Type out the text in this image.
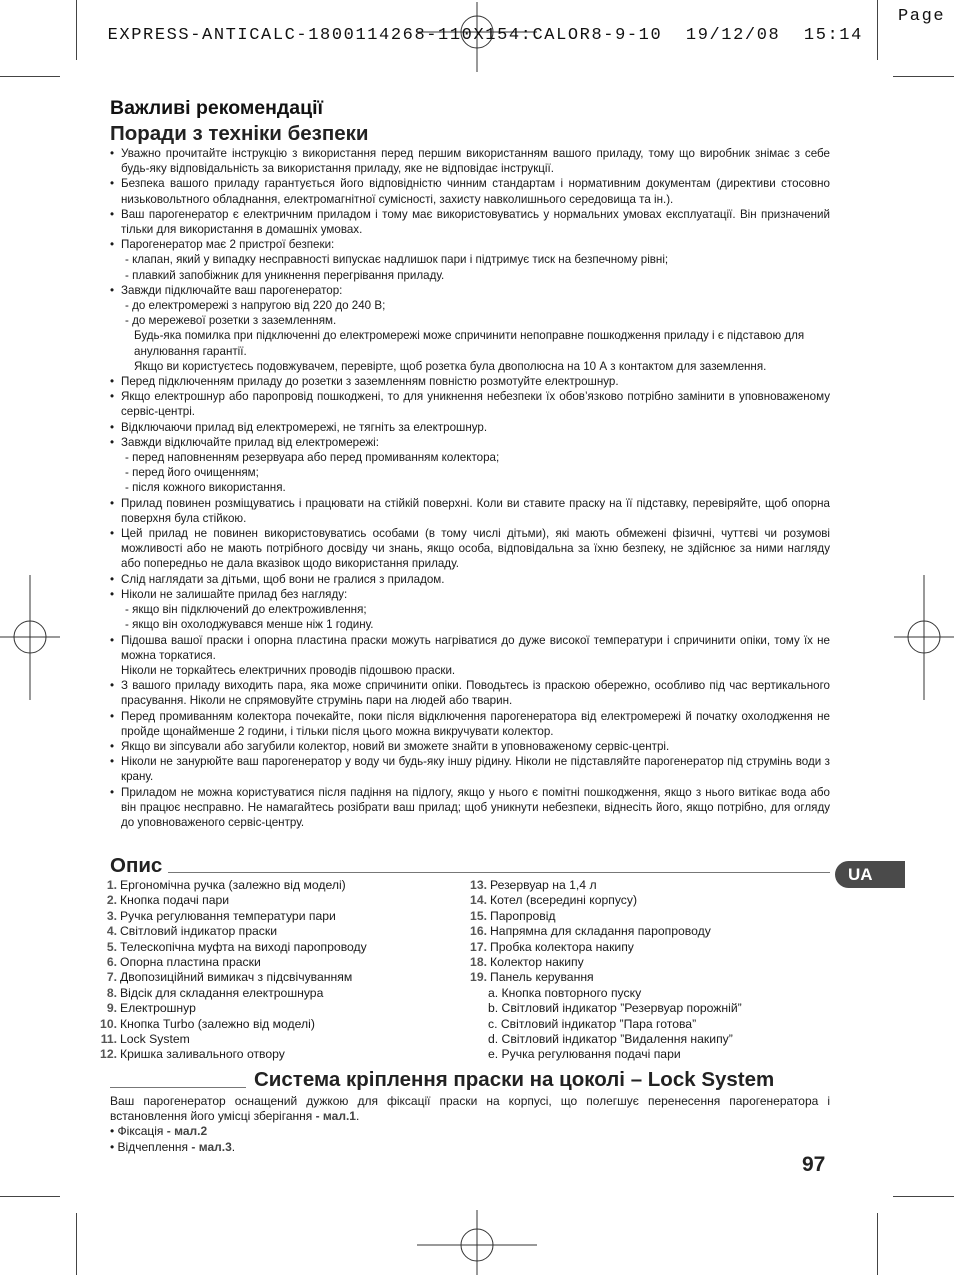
EXPRESS-ANTICALC-1800114268-110X154:CALOR8-9-10  19/12/08  15:14

Page

Важливі рекомендації
Поради з техніки безпеки

• Уважно прочитайте інструкцію з використання перед першим використанням вашого приладу, тому що виробник знімає з себе будь-яку відповідальність за використання приладу, яке не відповідає інструкції.

• Безпека вашого приладу гарантується його відповідністю чинним стандартам і нормативним документам (директиви стосовно низьковольтного обладнання, електромагнітної сумісності, захисту навколишнього середовища та ін.).

• Ваш парогенератор є електричним приладом і тому має використовуватись у нормальних умовах експлуатації. Він призначений тільки для використання в домашніх умовах.

• Парогенератор має 2 пристрої безпеки:

- клапан, який у випадку несправності випускає надлишок пари і підтримує тиск на безпечному рівні;

- плавкий запобіжник для уникнення перегрівання приладу.

• Завжди підключайте ваш парогенератор:

- до електромережі з напругою від 220 до 240 В;

- до мережевої розетки з заземленням.

Будь-яка помилка при підключенні до електромережі може спричинити непоправне пошкодження приладу і є підставою для анулювання гарантії.

Якщо ви користуєтесь подовжувачем, перевірте, щоб розетка була двополюсна на 10 А з контактом для заземлення.

• Перед підключенням приладу до розетки з заземленням повністю розмотуйте електрошнур.

• Якщо електрошнур або паропровід пошкоджені, то для уникнення небезпеки їх обов’язково потрібно замінити в уповноваженому сервіс-центрі.

• Відключаючи прилад від електромережі, не тягніть за електрошнур.

• Завжди відключайте прилад від електромережі:

- перед наповненням резервуара або перед промиванням колектора;

- перед його очищенням;

- після кожного використання.

• Прилад повинен розміщуватись і працювати на стійкій поверхні. Коли ви ставите праску на її підставку, перевіряйте, щоб опорна поверхня була стійкою.

• Цей прилад не повинен використовуватись особами (в тому числі дітьми), які мають обмежені фізичні, чуттєві чи розумові можливості або не мають потрібного досвіду чи знань, якщо особа, відповідальна за їхню безпеку, не здійснює за ними нагляду або попередньо не дала вказівок щодо використання приладу.

• Слід наглядати за дітьми, щоб вони не гралися з приладом.

• Ніколи не залишайте прилад без нагляду:

- якщо він підключений до електроживлення;

- якщо він охолоджувався менше ніж 1 годину.

• Підошва вашої праски і опорна пластина праски можуть нагріватися до дуже високої температури і спричинити опіки, тому їх не можна торкатися.

Ніколи не торкайтесь електричних проводів підошвою праски.

• З вашого приладу виходить пара, яка може спричинити опіки. Поводьтесь із праскою обережно, особливо під час вертикального прасування. Ніколи не спрямовуйте струмінь пари на людей або тварин.

• Перед промиванням колектора почекайте, поки після відключення парогенератора від електромережі й початку охолодження не пройде щонайменше 2 години, і тільки після цього можна викручувати колектор.

• Якщо ви зіпсували або загубили колектор, новий ви зможете знайти в уповноваженому сервіс-центрі.

• Ніколи не занурюйте ваш парогенератор у воду чи будь-яку іншу рідину. Ніколи не підставляйте парогенератор під струмінь води з крану.

• Приладом не можна користуватися після падіння на підлогу, якщо у нього є помітні пошкодження, якщо з нього витікає вода або він працює несправно. Не намагайтесь розібрати ваш прилад; щоб уникнути небезпеки, віднесіть його, якщо потрібно, для огляду до уповноваженого сервіс-центру.

Опис	UA
1. Ергономічна ручка (залежно від моделі)
2. Кнопка подачі пари
3. Ручка регулювання температури пари
4. Світловий індикатор праски
5. Телескопічна муфта на виході паропроводу
6. Опорна пластина праски
7. Двопозиційний вимикач з підсвічуванням
8. Відсік для складання електрошнура
9. Електрошнур
10. Кнопка Turbo (залежно від моделі)
11. Lock System
12. Кришка заливального отвору
13. Резервуар на 1,4 л
14. Котел (всередині корпусу)
15. Паропровід
16. Напрямна для складання паропроводу
17. Пробка колектора накипу
18. Колектор накипу
19. Панель керування
a. Кнопка повторного пуску
b. Світловий індикатор ”Резервуар порожній”
c. Світловий індикатор ”Пара готова”
d. Світловий індикатор ”Видалення накипу”
e. Ручка регулювання подачі пари
Система кріплення праски на цоколі – Lock System

Ваш парогенератор оснащений дужкою для фіксації праски на корпусі, що полегшує перенесення парогенератора і встановлення його умісці зберігання - мал.1.

• Фіксація - мал.2

• Відчеплення - мал.3.

97
